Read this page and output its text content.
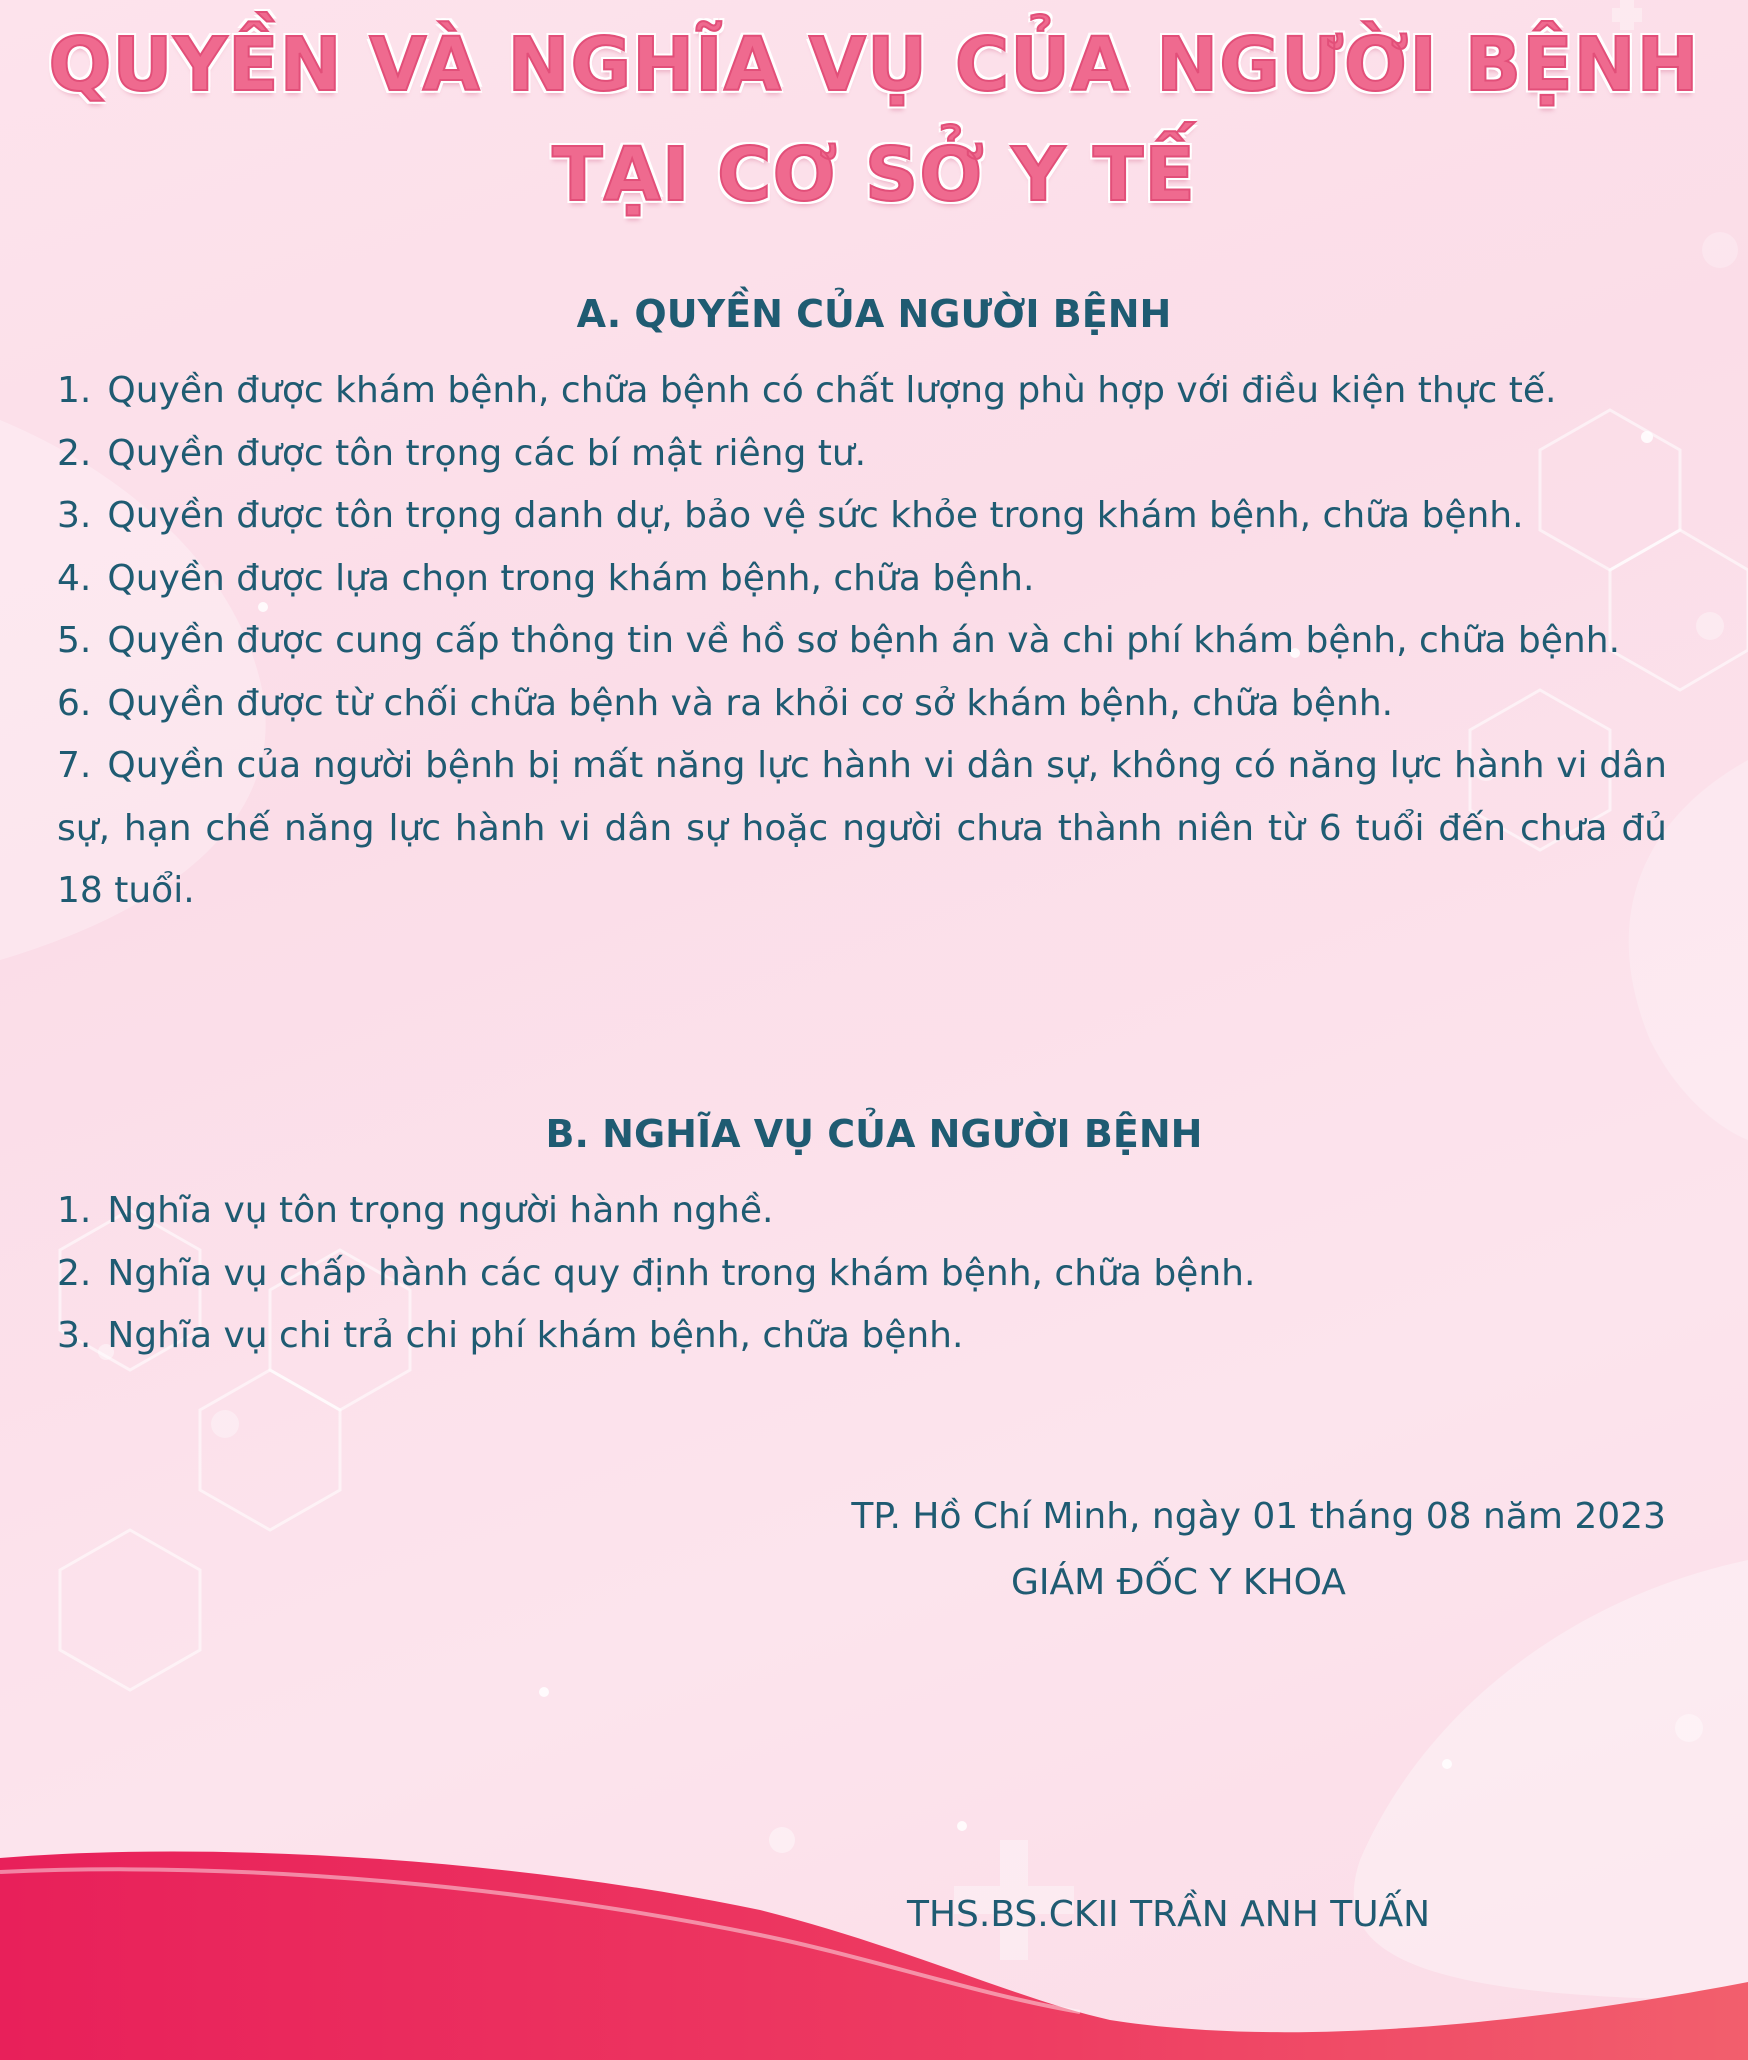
QUYỀN VÀ NGHĨA VỤ CỦA NGƯỜI BỆNH
TẠI CƠ SỞ Y TẾ
A. QUYỀN CỦA NGƯỜI BỆNH
1. Quyền được khám bệnh, chữa bệnh có chất lượng phù hợp với điều kiện thực tế.
2. Quyền được tôn trọng các bí mật riêng tư.
3. Quyền được tôn trọng danh dự, bảo vệ sức khỏe trong khám bệnh, chữa bệnh.
4. Quyền được lựa chọn trong khám bệnh, chữa bệnh.
5. Quyền được cung cấp thông tin về hồ sơ bệnh án và chi phí khám bệnh, chữa bệnh.
6. Quyền được từ chối chữa bệnh và ra khỏi cơ sở khám bệnh, chữa bệnh.
7. Quyền của người bệnh bị mất năng lực hành vi dân sự, không có năng lực hành vi dân sự, hạn chế năng lực hành vi dân sự hoặc người chưa thành niên từ 6 tuổi đến chưa đủ 18 tuổi.
B. NGHĨA VỤ CỦA NGƯỜI BỆNH
1. Nghĩa vụ tôn trọng người hành nghề.
2. Nghĩa vụ chấp hành các quy định trong khám bệnh, chữa bệnh.
3. Nghĩa vụ chi trả chi phí khám bệnh, chữa bệnh.
TP. Hồ Chí Minh, ngày 01 tháng 08 năm 2023
GIÁM ĐỐC Y KHOA
THS.BS.CKII TRẦN ANH TUẤN
